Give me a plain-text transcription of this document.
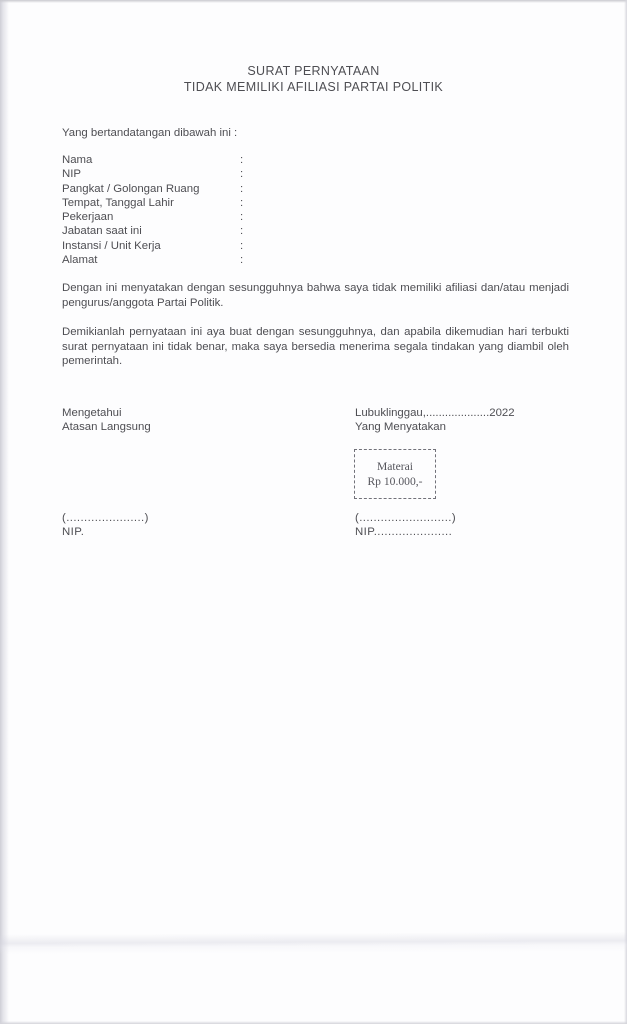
SURAT PERNYATAAN
TIDAK MEMILIKI AFILIASI PARTAI POLITIK
Yang bertandatangan dibawah ini :
Nama	:
NIP	:
Pangkat / Golongan Ruang	:
Tempat, Tanggal Lahir	:
Pekerjaan	:
Jabatan saat ini	:
Instansi / Unit Kerja	:
Alamat	:
Dengan ini menyatakan dengan sesungguhnya bahwa saya tidak memiliki afiliasi dan/atau menjadi pengurus/anggota Partai Politik.
Demikianlah pernyataan ini aya buat dengan sesungguhnya, dan apabila dikemudian hari terbukti surat pernyataan ini tidak benar, maka saya bersedia menerima segala tindakan yang diambil oleh pemerintah.
Mengetahui
Atasan Langsung
Lubuklinggau,....................2022
Yang Menyatakan
Materai
Rp 10.000,-
(......................)
NIP.
(..........................)
NIP......................
